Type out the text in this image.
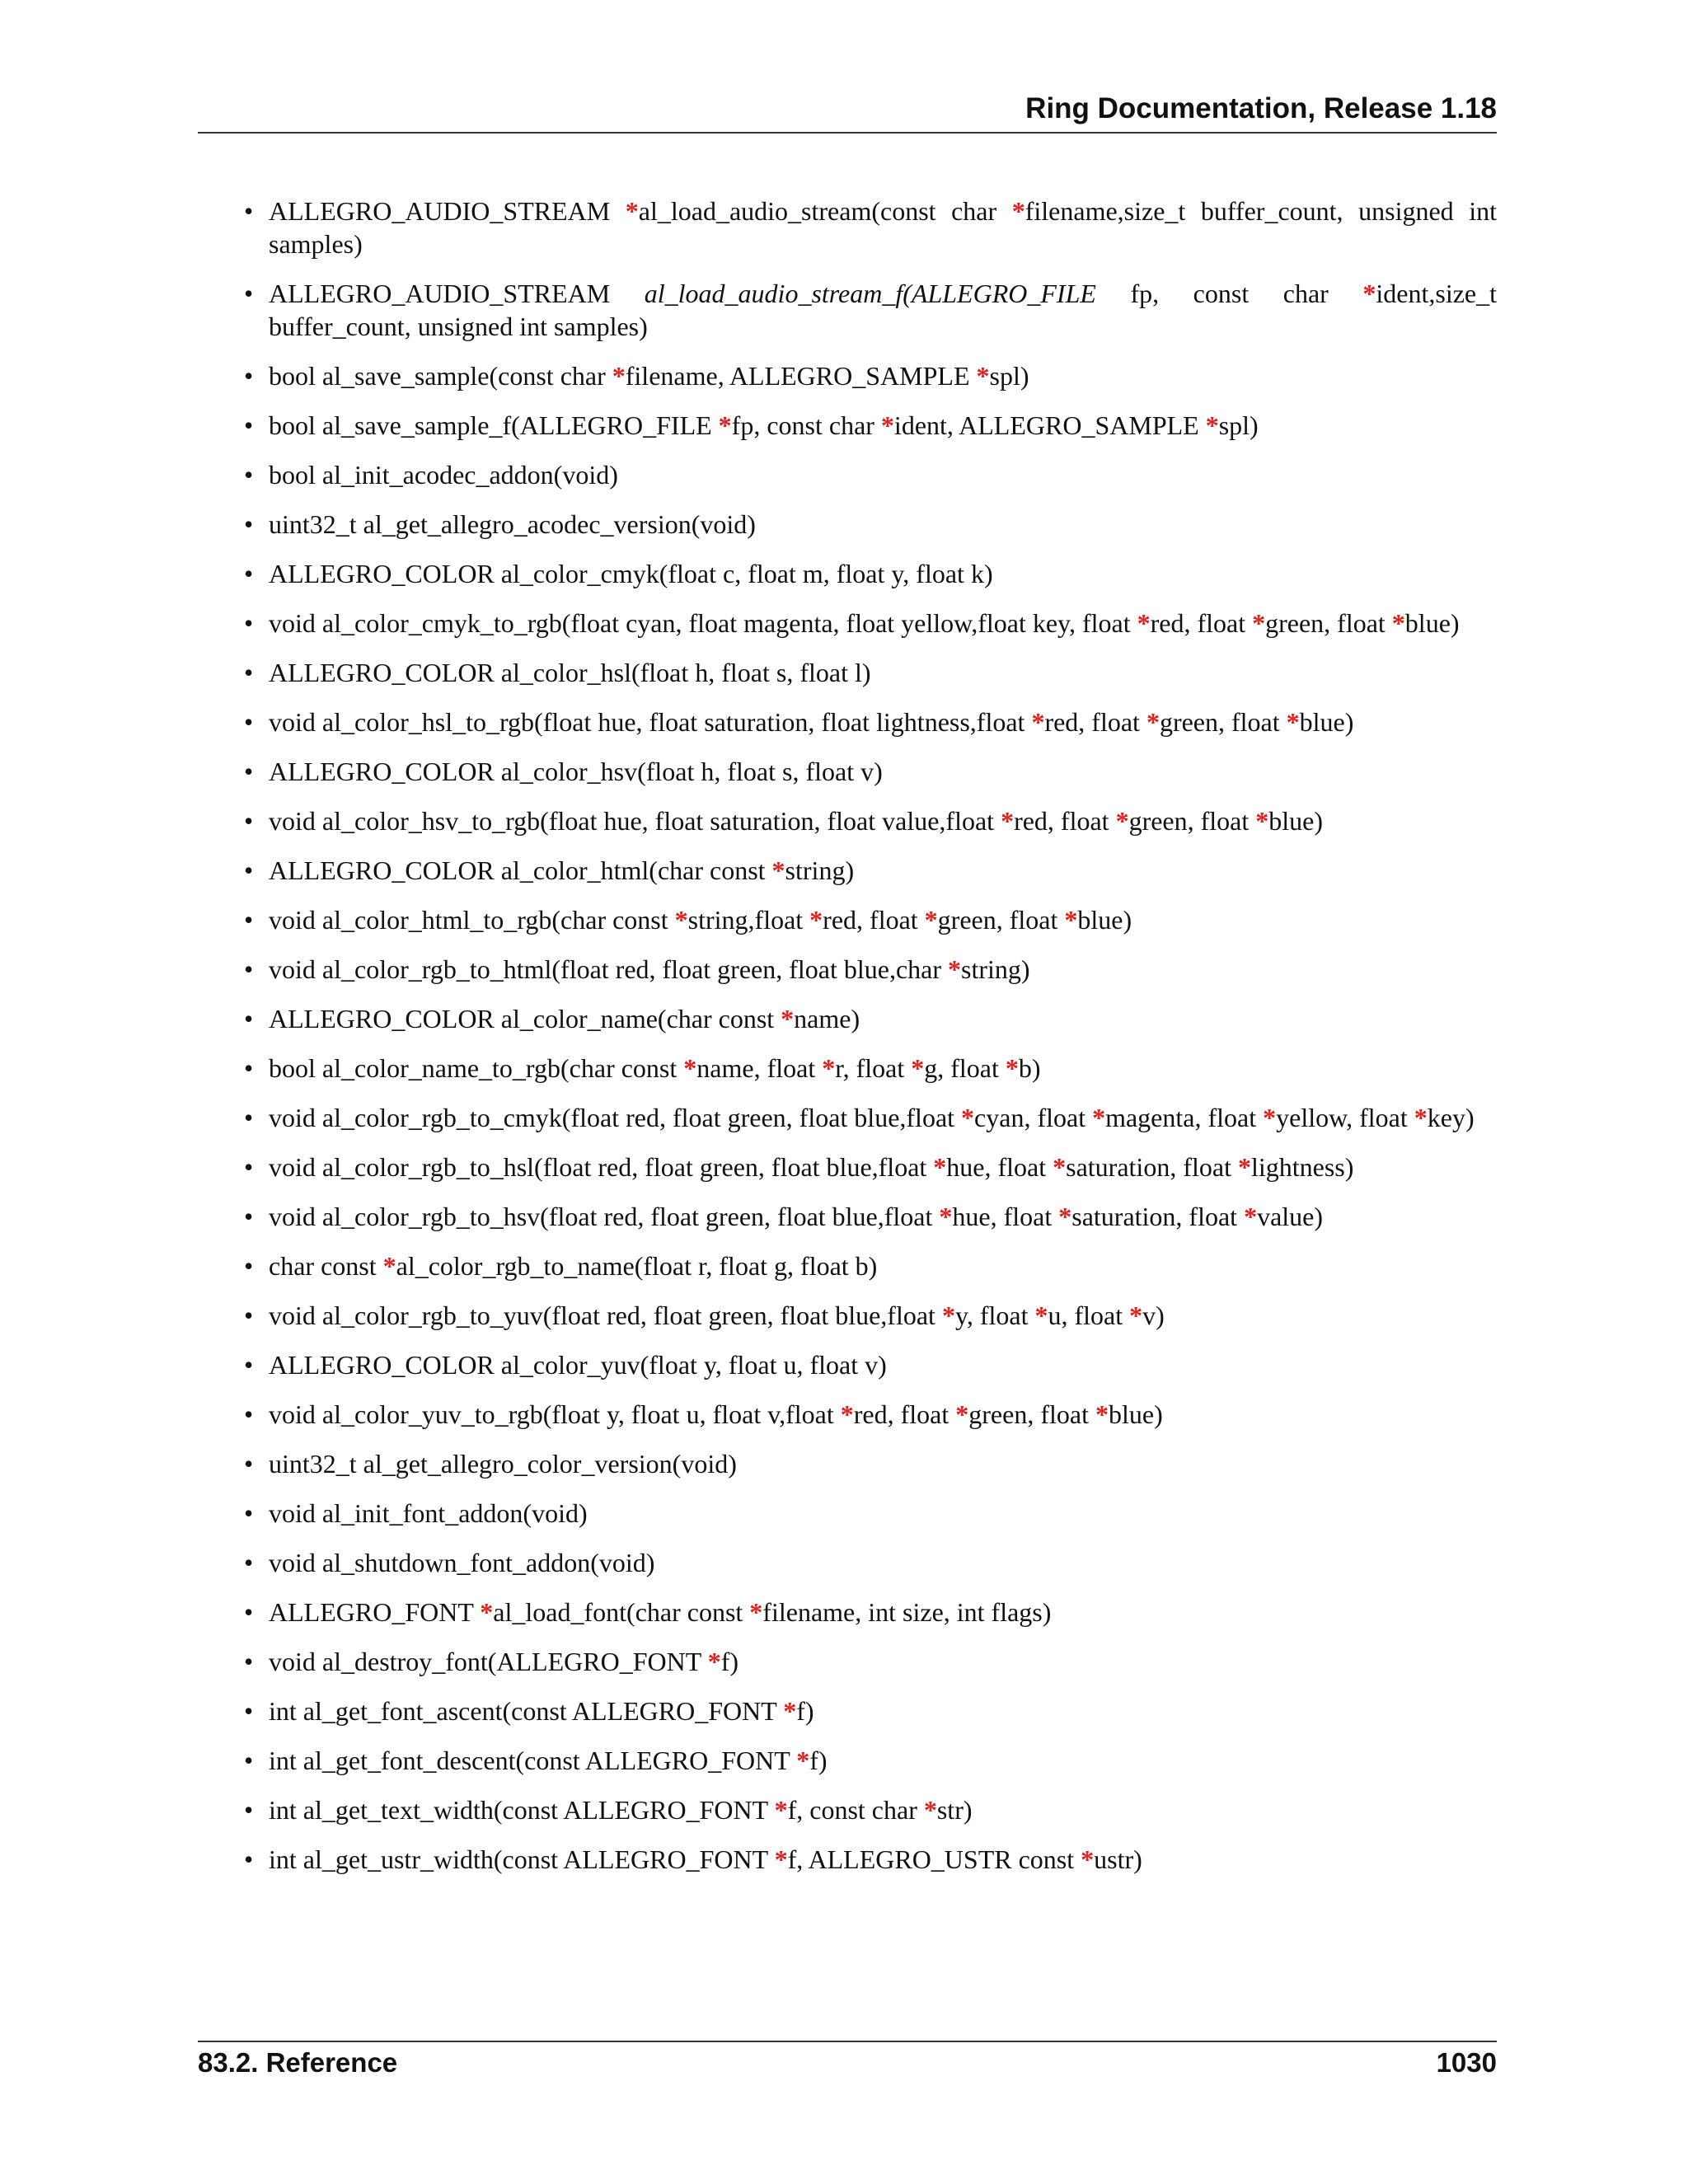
Ring Documentation, Release 1.18
• ALLEGRO_AUDIO_STREAM *al_load_audio_stream(const char *filename,size_t buffer_count, unsigned int samples)
• ALLEGRO_AUDIO_STREAM al_load_audio_stream_f(ALLEGRO_FILE fp, const char *ident,size_t buffer_count, unsigned int samples)
• bool al_save_sample(const char *filename, ALLEGRO_SAMPLE *spl)
• bool al_save_sample_f(ALLEGRO_FILE *fp, const char *ident, ALLEGRO_SAMPLE *spl)
• bool al_init_acodec_addon(void)
• uint32_t al_get_allegro_acodec_version(void)
• ALLEGRO_COLOR al_color_cmyk(float c, float m, float y, float k)
• void al_color_cmyk_to_rgb(float cyan, float magenta, float yellow,float key, float *red, float *green, float *blue)
• ALLEGRO_COLOR al_color_hsl(float h, float s, float l)
• void al_color_hsl_to_rgb(float hue, float saturation, float lightness,float *red, float *green, float *blue)
• ALLEGRO_COLOR al_color_hsv(float h, float s, float v)
• void al_color_hsv_to_rgb(float hue, float saturation, float value,float *red, float *green, float *blue)
• ALLEGRO_COLOR al_color_html(char const *string)
• void al_color_html_to_rgb(char const *string,float *red, float *green, float *blue)
• void al_color_rgb_to_html(float red, float green, float blue,char *string)
• ALLEGRO_COLOR al_color_name(char const *name)
• bool al_color_name_to_rgb(char const *name, float *r, float *g, float *b)
• void al_color_rgb_to_cmyk(float red, float green, float blue,float *cyan, float *magenta, float *yellow, float *key)
• void al_color_rgb_to_hsl(float red, float green, float blue,float *hue, float *saturation, float *lightness)
• void al_color_rgb_to_hsv(float red, float green, float blue,float *hue, float *saturation, float *value)
• char const *al_color_rgb_to_name(float r, float g, float b)
• void al_color_rgb_to_yuv(float red, float green, float blue,float *y, float *u, float *v)
• ALLEGRO_COLOR al_color_yuv(float y, float u, float v)
• void al_color_yuv_to_rgb(float y, float u, float v,float *red, float *green, float *blue)
• uint32_t al_get_allegro_color_version(void)
• void al_init_font_addon(void)
• void al_shutdown_font_addon(void)
• ALLEGRO_FONT *al_load_font(char const *filename, int size, int flags)
• void al_destroy_font(ALLEGRO_FONT *f)
• int al_get_font_ascent(const ALLEGRO_FONT *f)
• int al_get_font_descent(const ALLEGRO_FONT *f)
• int al_get_text_width(const ALLEGRO_FONT *f, const char *str)
• int al_get_ustr_width(const ALLEGRO_FONT *f, ALLEGRO_USTR const *ustr)
83.2. Reference	1030
